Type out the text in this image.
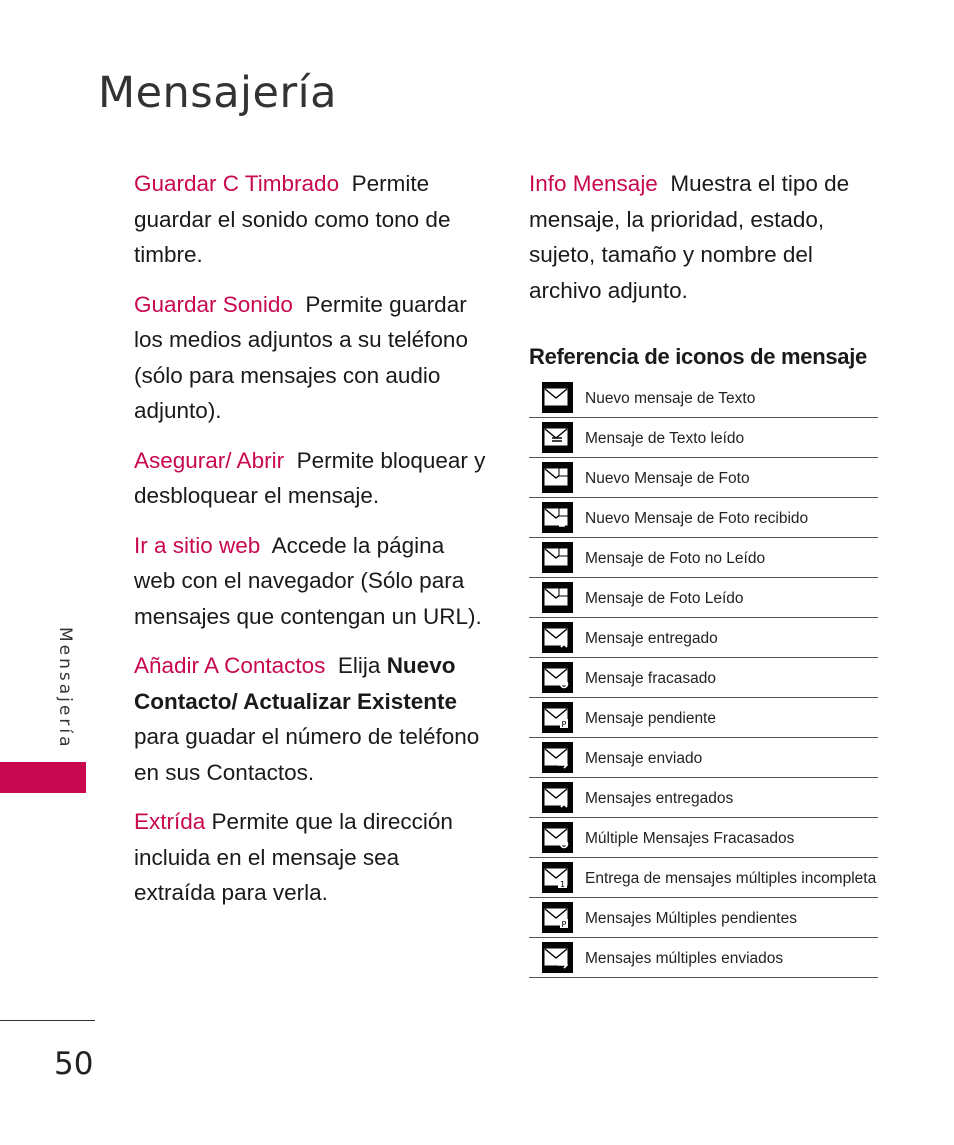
Mensajería

Guardar C Timbrado Permite guardar el sonido como tono de timbre.

Guardar Sonido Permite guardar los medios adjuntos a su teléfono (sólo para mensajes con audio adjunto).

Asegurar/ Abrir Permite bloquear y desbloquear el mensaje.

Ir a sitio web Accede la página web con el navegador (Sólo para mensajes que contengan un URL).

Añadir A Contactos Elija Nuevo Contacto/ Actualizar Existente para guadar el número de teléfono en sus Contactos.

Extrída Permite que la dirección incluida en el mensaje sea extraída para verla.

Info Mensaje Muestra el tipo de mensaje, la prioridad, estado, sujeto, tamaño y nombre del archivo adjunto.

Referencia de iconos de mensaje
Nuevo mensaje de Texto
Mensaje de Texto leído
Nuevo Mensaje de Foto
Nuevo Mensaje de Foto recibido
Mensaje de Foto no Leído
Mensaje de Foto Leído
Mensaje entregado
Mensaje fracasado
P Mensaje pendiente
Mensaje enviado
Mensajes entregados
Múltiple Mensajes Fracasados
1 Entrega de mensajes múltiples incompleta
P Mensajes Múltiples pendientes
Mensajes múltiples enviados
Mensajería
50
